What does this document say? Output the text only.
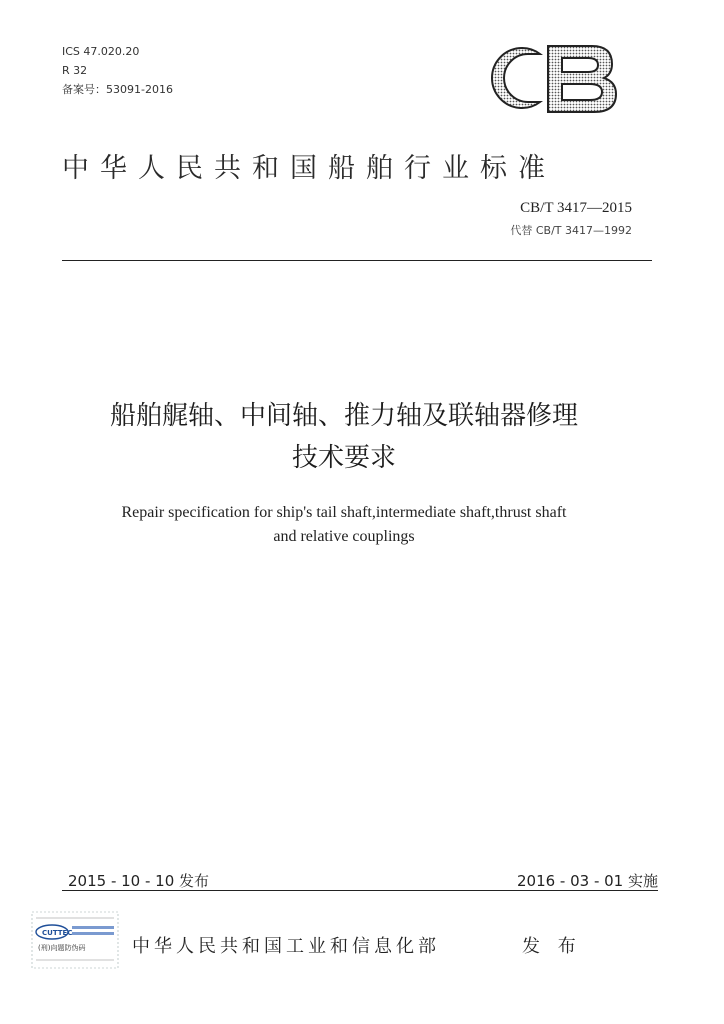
ICS 47.020.20
R 32
备案号：53091-2016
中华人民共和国船舶行业标准
CB/T 3417—2015
代替 CB/T 3417—1992
船舶艉轴、中间轴、推力轴及联轴器修理
技术要求
Repair specification for ship's tail shaft,intermediate shaft,thrust shaft
and relative couplings
2015 - 10 - 10 发布	2016 - 03 - 01 实施
CUTTEC
(刑)向题防伪码	中华人民共和国工业和信息化部	发 布
